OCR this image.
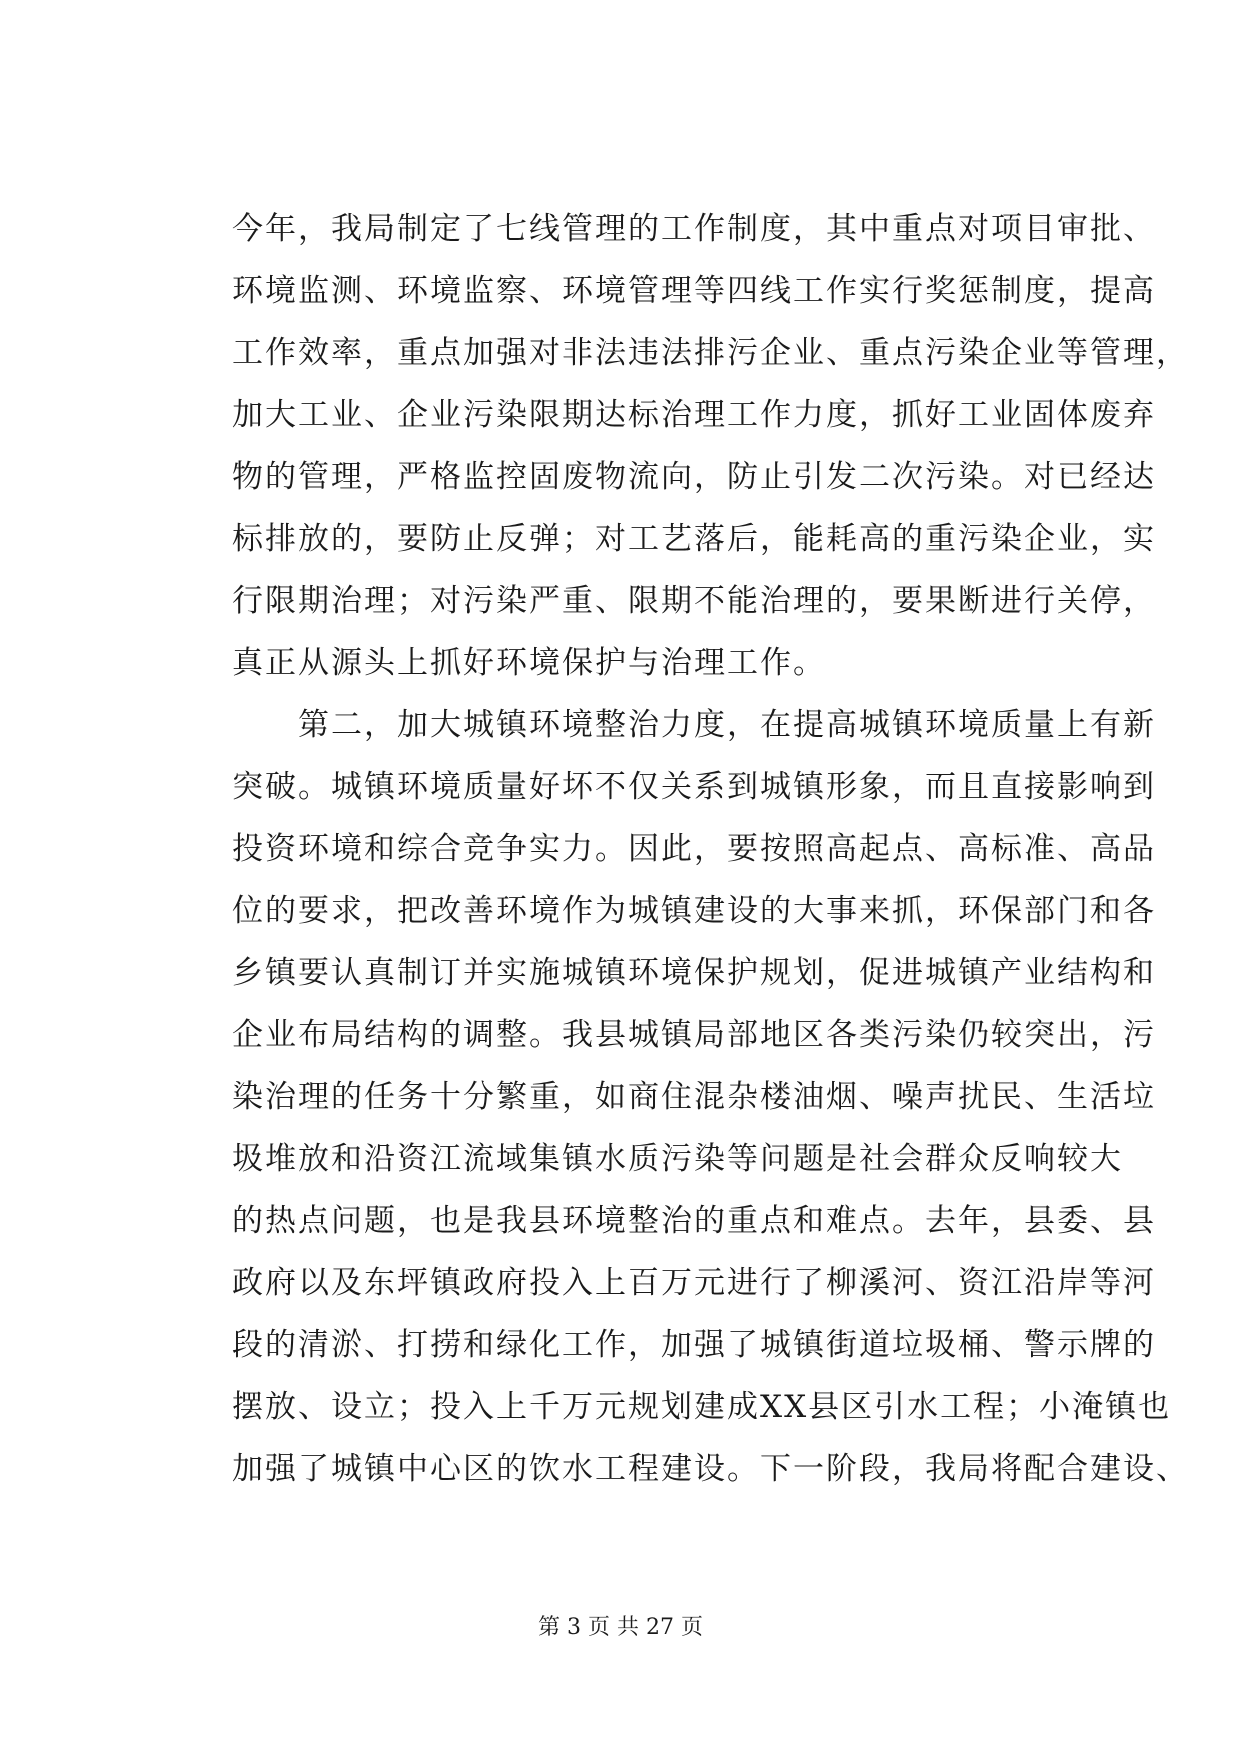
今年，我局制定了七线管理的工作制度，其中重点对项目审批、
环境监测、环境监察、环境管理等四线工作实行奖惩制度，提高
工作效率，重点加强对非法违法排污企业、重点污染企业等管理，
加大工业、企业污染限期达标治理工作力度，抓好工业固体废弃
物的管理，严格监控固废物流向，防止引发二次污染。对已经达
标排放的，要防止反弹；对工艺落后，能耗高的重污染企业，实
行限期治理；对污染严重、限期不能治理的，要果断进行关停，
真正从源头上抓好环境保护与治理工作。
　　第二，加大城镇环境整治力度，在提高城镇环境质量上有新
突破。城镇环境质量好坏不仅关系到城镇形象，而且直接影响到
投资环境和综合竞争实力。因此，要按照高起点、高标准、高品
位的要求，把改善环境作为城镇建设的大事来抓，环保部门和各
乡镇要认真制订并实施城镇环境保护规划，促进城镇产业结构和
企业布局结构的调整。我县城镇局部地区各类污染仍较突出，污
染治理的任务十分繁重，如商住混杂楼油烟、噪声扰民、生活垃
圾堆放和沿资江流域集镇水质污染等问题是社会群众反响较大
的热点问题，也是我县环境整治的重点和难点。去年，县委、县
政府以及东坪镇政府投入上百万元进行了柳溪河、资江沿岸等河
段的清淤、打捞和绿化工作，加强了城镇街道垃圾桶、警示牌的
摆放、设立；投入上千万元规划建成XX县区引水工程；小淹镇也
加强了城镇中心区的饮水工程建设。下一阶段，我局将配合建设、
第 3 页 共 27 页
